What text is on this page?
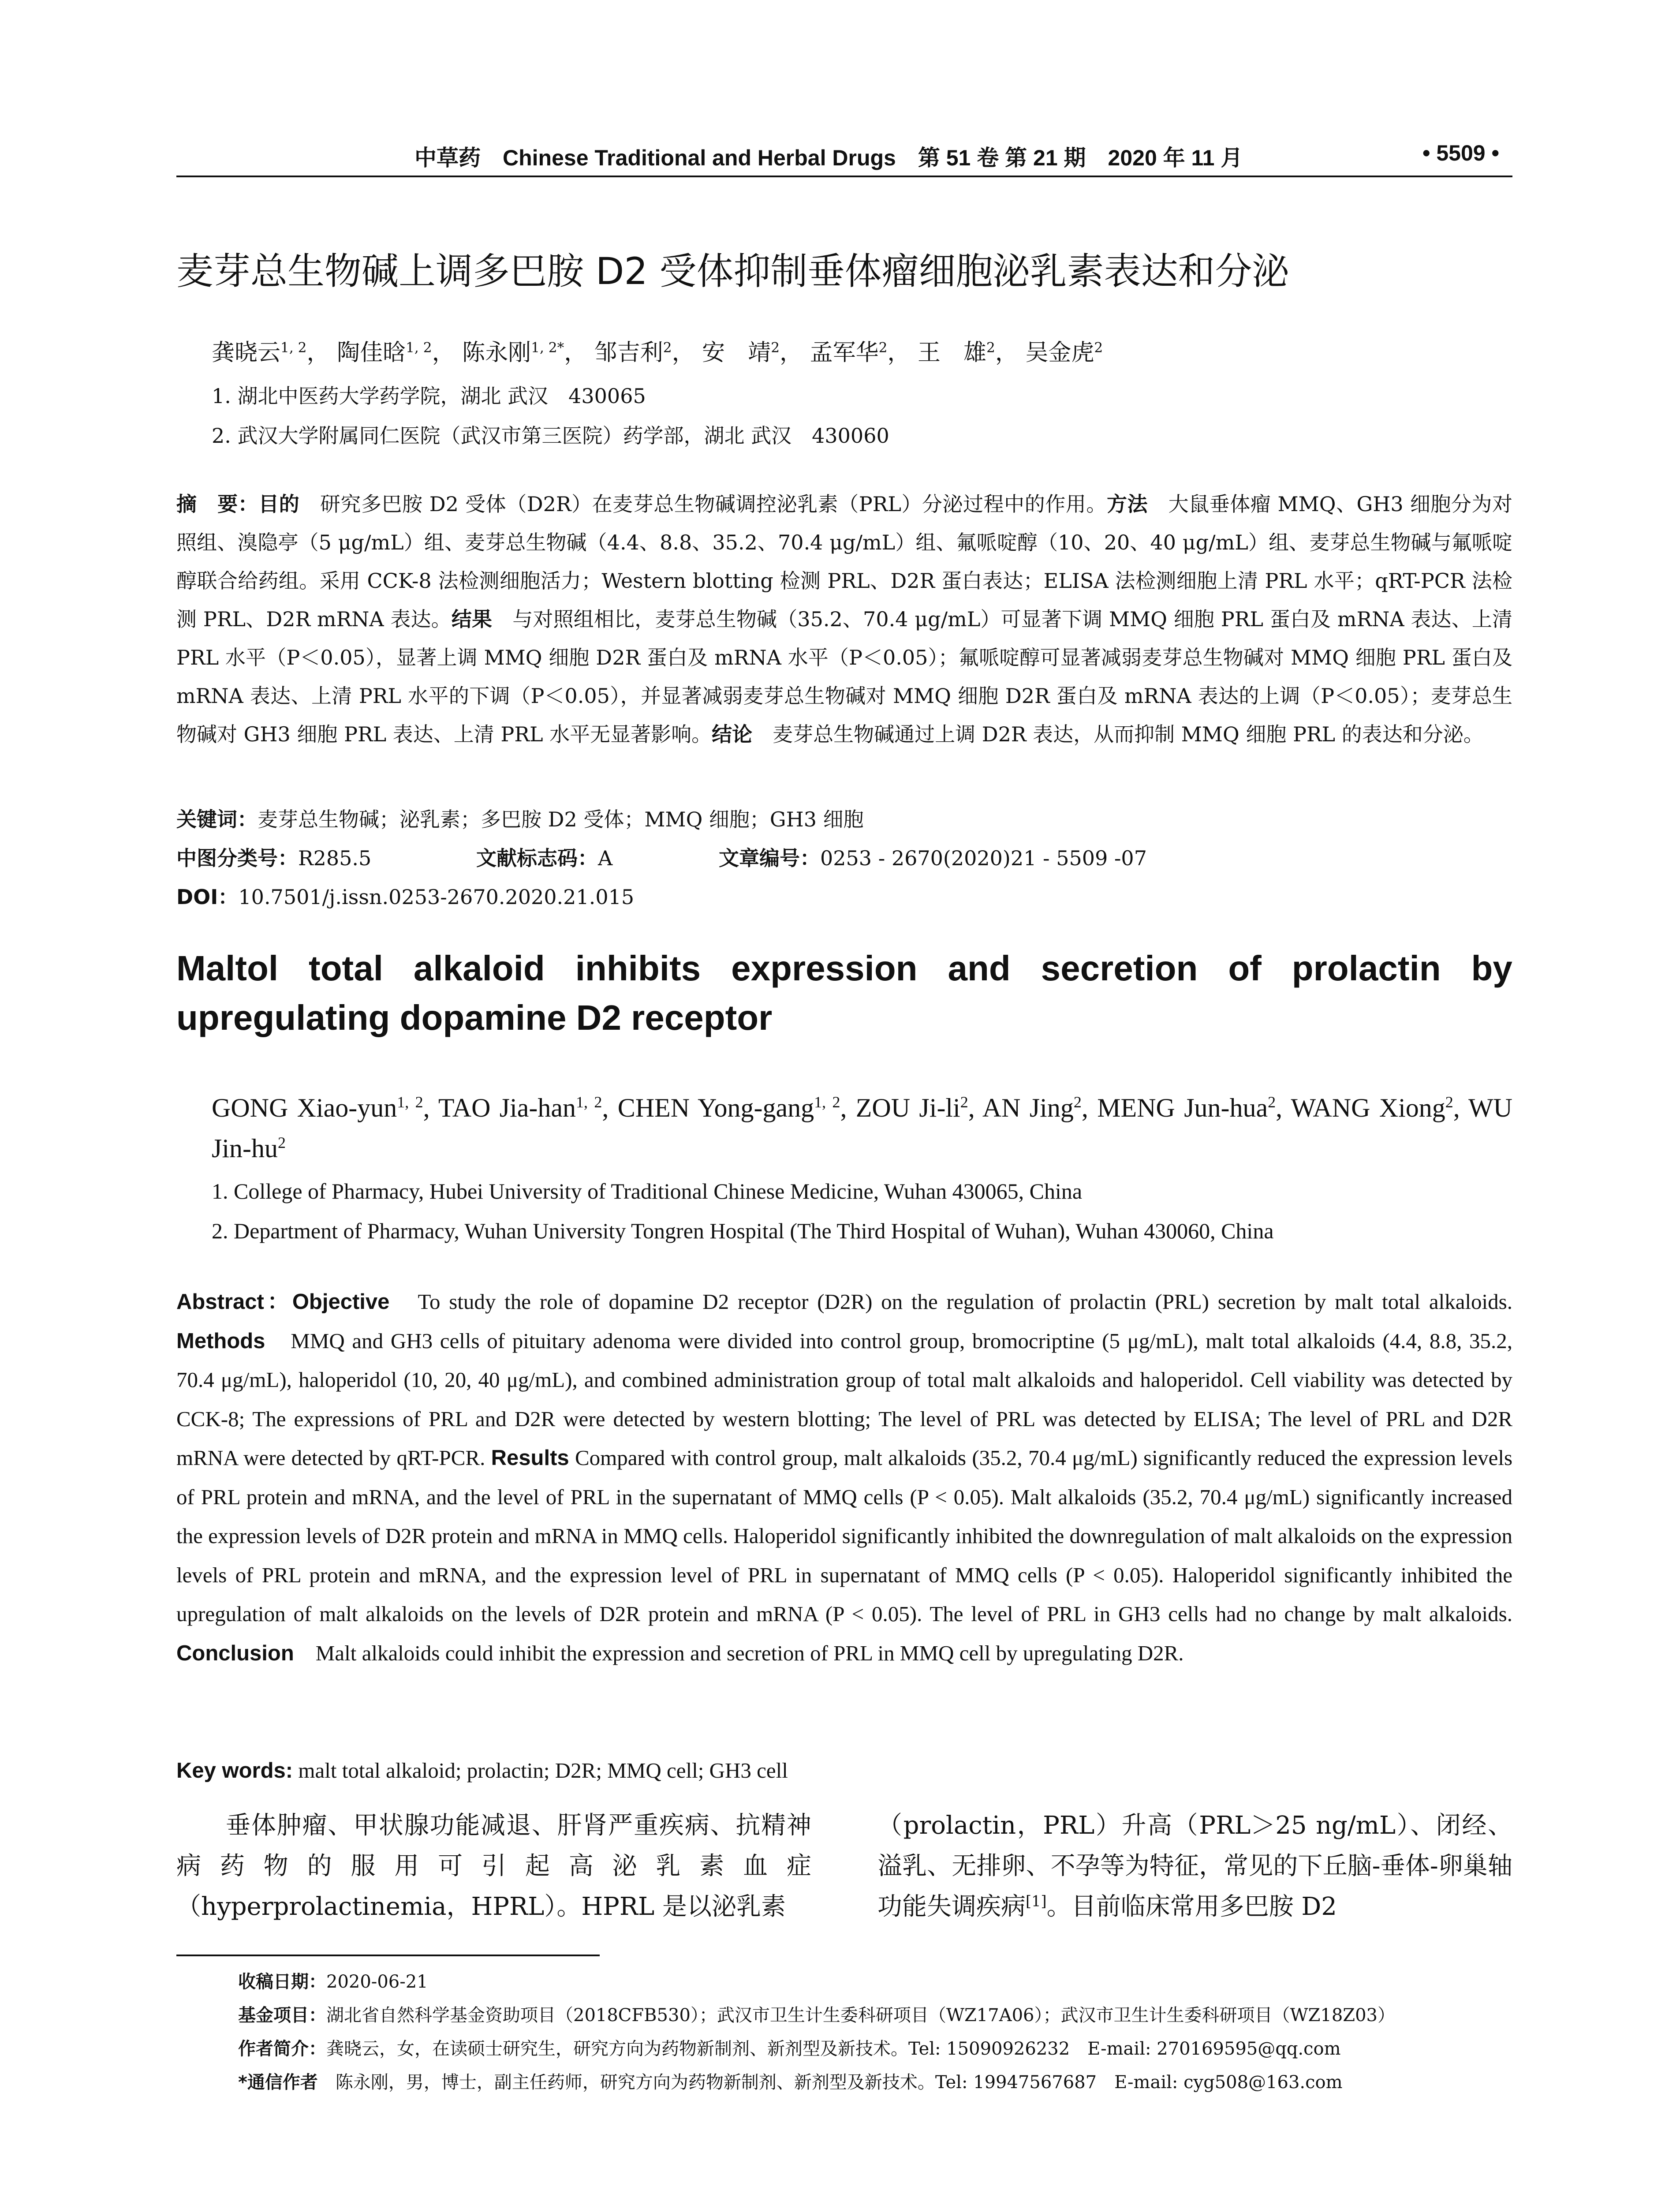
中草药　Chinese Traditional and Herbal Drugs　第 51 卷 第 21 期　2020 年 11 月	• 5509 •
麦芽总生物碱上调多巴胺 D2 受体抑制垂体瘤细胞泌乳素表达和分泌
龚晓云$^{1, 2}$， 陶佳晗$^{1, 2}$， 陈永刚$^{1, 2*}$， 邹吉利$^2$， 安　靖$^2$， 孟军华$^2$， 王　雄$^2$， 吴金虎$^2$
1. 湖北中医药大学药学院，湖北 武汉　430065
2. 武汉大学附属同仁医院（武汉市第三医院）药学部，湖北 武汉　430060
摘　要：目的　研究多巴胺 D2 受体（D2R）在麦芽总生物碱调控泌乳素（PRL）分泌过程中的作用。方法　大鼠垂体瘤 MMQ、GH3 细胞分为对照组、溴隐亭（5 μg/mL）组、麦芽总生物碱（4.4、8.8、35.2、70.4 μg/mL）组、氟哌啶醇（10、20、40 μg/mL）组、麦芽总生物碱与氟哌啶醇联合给药组。采用 CCK-8 法检测细胞活力；Western blotting 检测 PRL、D2R 蛋白表达；ELISA 法检测细胞上清 PRL 水平；qRT-PCR 法检测 PRL、D2R mRNA 表达。结果　与对照组相比，麦芽总生物碱（35.2、70.4 μg/mL）可显著下调 MMQ 细胞 PRL 蛋白及 mRNA 表达、上清 PRL 水平（P＜0.05），显著上调 MMQ 细胞 D2R 蛋白及 mRNA 水平（P＜0.05）；氟哌啶醇可显著减弱麦芽总生物碱对 MMQ 细胞 PRL 蛋白及 mRNA 表达、上清 PRL 水平的下调（P＜0.05），并显著减弱麦芽总生物碱对 MMQ 细胞 D2R 蛋白及 mRNA 表达的上调（P＜0.05）；麦芽总生物碱对 GH3 细胞 PRL 表达、上清 PRL 水平无显著影响。结论　麦芽总生物碱通过上调 D2R 表达，从而抑制 MMQ 细胞 PRL 的表达和分泌。
关键词：麦芽总生物碱；泌乳素；多巴胺 D2 受体；MMQ 细胞；GH3 细胞
中图分类号：R285.5	文献标志码：A	文章编号：0253 - 2670(2020)21 - 5509 -07
DOI：10.7501/j.issn.0253-2670.2020.21.015
Maltol total alkaloid inhibits expression and secretion of prolactin by
upregulating dopamine D2 receptor
GONG Xiao-yun$^{1, 2}$, TAO Jia-han$^{1, 2}$, CHEN Yong-gang$^{1, 2}$, ZOU $Ji-li^2$, AN Jing$^2$, MENG Jun-hua$^2$, WANG Xiong$^2$, WU Jin-$hu^2$
1. College of Pharmacy, Hubei University of Traditional Chinese Medicine, Wuhan 430065, China
2. Department of Pharmacy, Wuhan University Tongren Hospital (The Third Hospital of Wuhan), Wuhan 430060, China
Abstract：Objective　To study the role of dopamine D2 receptor (D2R) on the regulation of prolactin (PRL) secretion by malt total alkaloids. Methods　MMQ and GH3 cells of pituitary adenoma were divided into control group, bromocriptine (5 μg/mL), malt total alkaloids (4.4, 8.8, 35.2, 70.4 μg/mL), haloperidol (10, 20, 40 μg/mL), and combined administration group of total malt alkaloids and haloperidol. Cell viability was detected by CCK-8; The expressions of PRL and D2R were detected by western blotting; The level of PRL was detected by ELISA; The level of PRL and D2R mRNA were detected by qRT-PCR. Results Compared with control group, malt alkaloids (35.2, 70.4 μg/mL) significantly reduced the expression levels of PRL protein and mRNA, and the level of PRL in the supernatant of MMQ cells (P < 0.05). Malt alkaloids (35.2, 70.4 μg/mL) significantly increased the expression levels of D2R protein and mRNA in MMQ cells. Haloperidol significantly inhibited the downregulation of malt alkaloids on the expression levels of PRL protein and mRNA, and the expression level of PRL in supernatant of MMQ cells (P < 0.05). Haloperidol significantly inhibited the upregulation of malt alkaloids on the levels of D2R protein and mRNA (P < 0.05). The level of PRL in GH3 cells had no change by malt alkaloids. Conclusion　Malt alkaloids could inhibit the expression and secretion of PRL in MMQ cell by upregulating D2R.
Key words: malt total alkaloid; prolactin; D2R; MMQ cell; GH3 cell
垂体肿瘤、甲状腺功能减退、肝肾严重疾病、抗精神病药物的服用可引起高泌乳素血症（hyperprolactinemia，HPRL）。HPRL 是以泌乳素
（prolactin，PRL）升高（PRL＞25 ng/mL）、闭经、溢乳、无排卵、不孕等为特征，常见的下丘脑-垂体-卵巢轴功能失调疾病[1]。目前临床常用多巴胺 D2
收稿日期：2020-06-21
基金项目：湖北省自然科学基金资助项目（2018CFB530）；武汉市卫生计生委科研项目（WZ17A06）；武汉市卫生计生委科研项目（WZ18Z03）
作者简介：龚晓云，女，在读硕士研究生，研究方向为药物新制剂、新剂型及新技术。Tel: 15090926232　E-mail: 270169595@qq.com
*通信作者　陈永刚，男，博士，副主任药师，研究方向为药物新制剂、新剂型及新技术。Tel: 19947567687　E-mail: cyg508@163.com
